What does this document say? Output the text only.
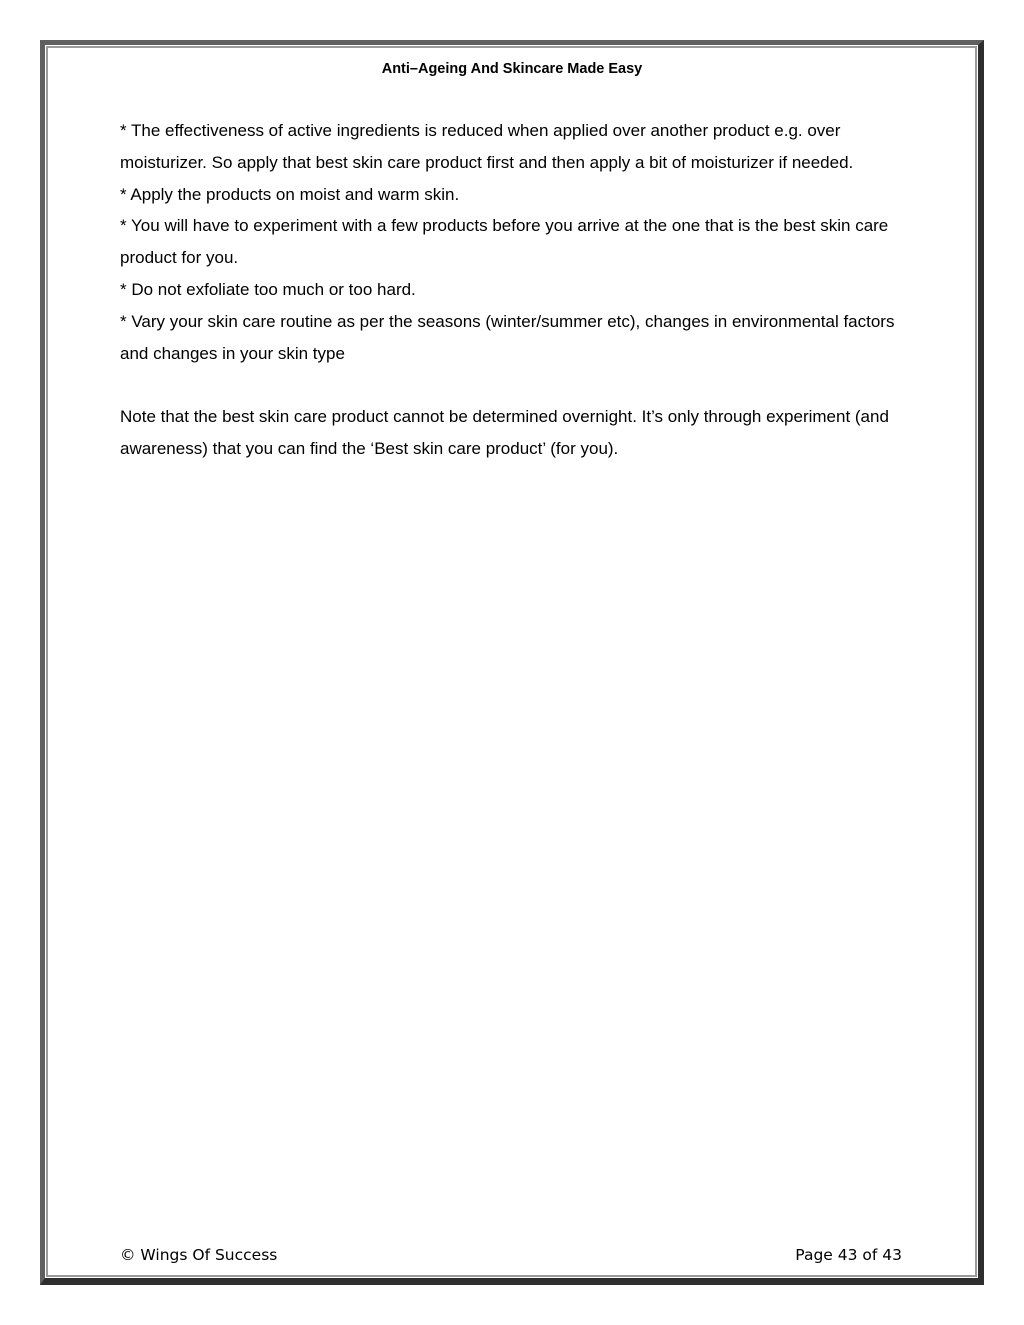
Anti–Ageing And Skincare Made Easy

* The effectiveness of active ingredients is reduced when applied over another product e.g. over moisturizer. So apply that best skin care product first and then apply a bit of moisturizer if needed.

* Apply the products on moist and warm skin.

* You will have to experiment with a few products before you arrive at the one that is the best skin care product for you.

* Do not exfoliate too much or too hard.

* Vary your skin care routine as per the seasons (winter/summer etc), changes in environmental factors and changes in your skin type

Note that the best skin care product cannot be determined overnight. It’s only through experiment (and awareness) that you can find the ‘Best skin care product’ (for you).

© Wings Of Success	Page 43 of 43
